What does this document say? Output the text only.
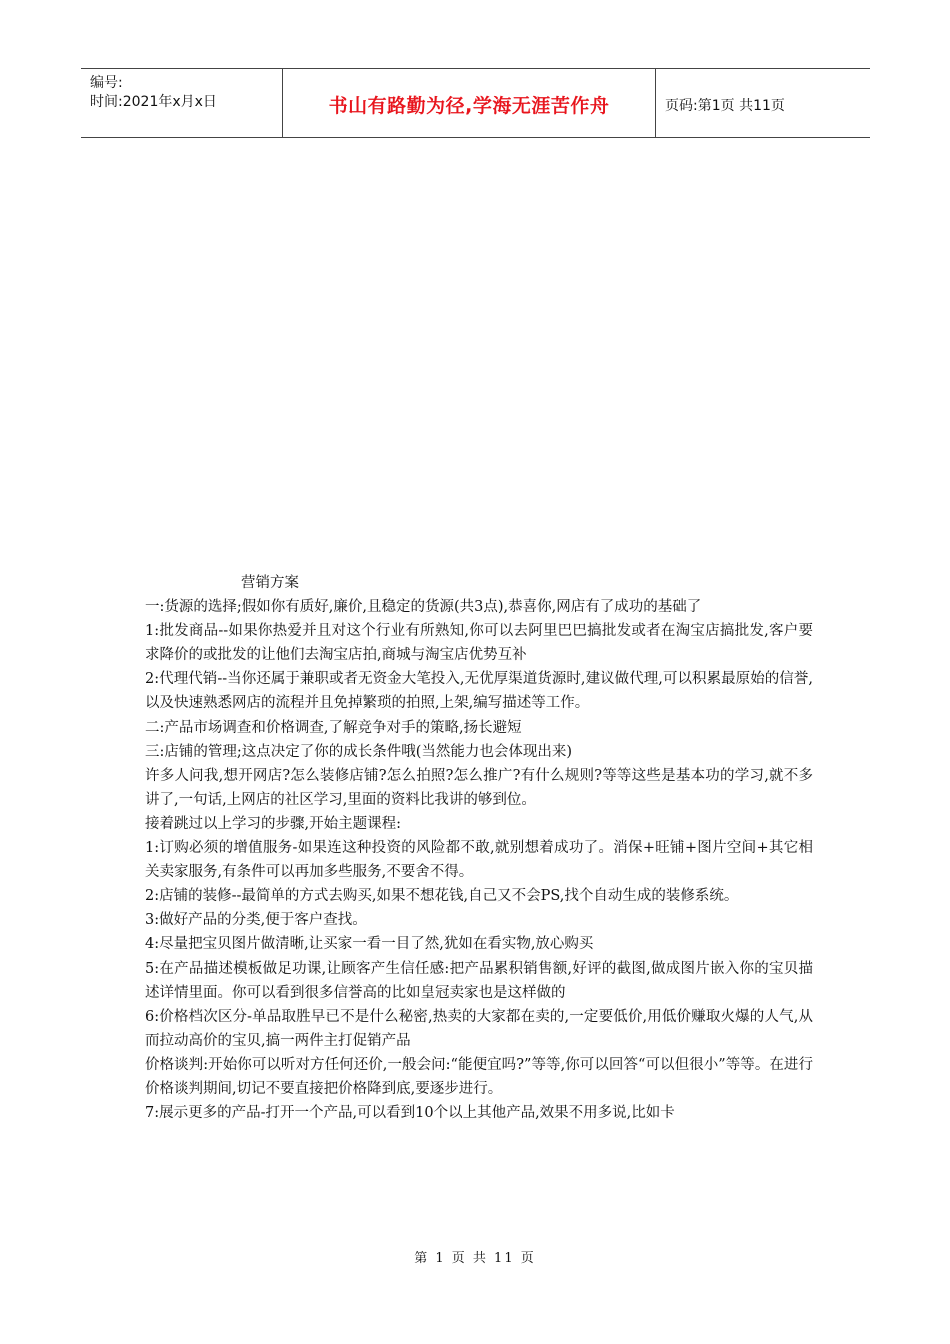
编号:
时间:2021年x月x日	书山有路勤为径,学海无涯苦作舟	页码:第1页 共11页

营销方案

一:货源的选择;假如你有质好,廉价,且稳定的货源(共3点),恭喜你,网店有了成功的基础了

1:批发商品--如果你热爱并且对这个行业有所熟知,你可以去阿里巴巴搞批发或者在淘宝店搞批发,客户要求降价的或批发的让他们去淘宝店拍,商城与淘宝店优势互补

2:代理代销--当你还属于兼职或者无资金大笔投入,无优厚渠道货源时,建议做代理,可以积累最原始的信誉,以及快速熟悉网店的流程并且免掉繁琐的拍照,上架,编写描述等工作。

二:产品市场调查和价格调查,了解竞争对手的策略,扬长避短

三:店铺的管理;这点决定了你的成长条件哦(当然能力也会体现出来)

许多人问我,想开网店?怎么装修店铺?怎么拍照?怎么推广?有什么规则?等等这些是基本功的学习,就不多讲了,一句话,上网店的社区学习,里面的资料比我讲的够到位。

接着跳过以上学习的步骤,开始主题课程:

1:订购必须的增值服务-如果连这种投资的风险都不敢,就别想着成功了。消保+旺铺+图片空间+其它相关卖家服务,有条件可以再加多些服务,不要舍不得。

2:店铺的装修--最简单的方式去购买,如果不想花钱,自己又不会PS,找个自动生成的装修系统。

3:做好产品的分类,便于客户查找。

4:尽量把宝贝图片做清晰,让买家一看一目了然,犹如在看实物,放心购买

5:在产品描述模板做足功课,让顾客产生信任感:把产品累积销售额,好评的截图,做成图片嵌入你的宝贝描述详情里面。你可以看到很多信誉高的比如皇冠卖家也是这样做的

6:价格档次区分-单品取胜早已不是什么秘密,热卖的大家都在卖的,一定要低价,用低价赚取火爆的人气,从而拉动高价的宝贝,搞一两件主打促销产品

价格谈判:开始你可以听对方任何还价,一般会问:“能便宜吗?”等等,你可以回答“可以但很小”等等。在进行价格谈判期间,切记不要直接把价格降到底,要逐步进行。

7:展示更多的产品-打开一个产品,可以看到10个以上其他产品,效果不用多说,比如卡

第 1 页 共 11 页
